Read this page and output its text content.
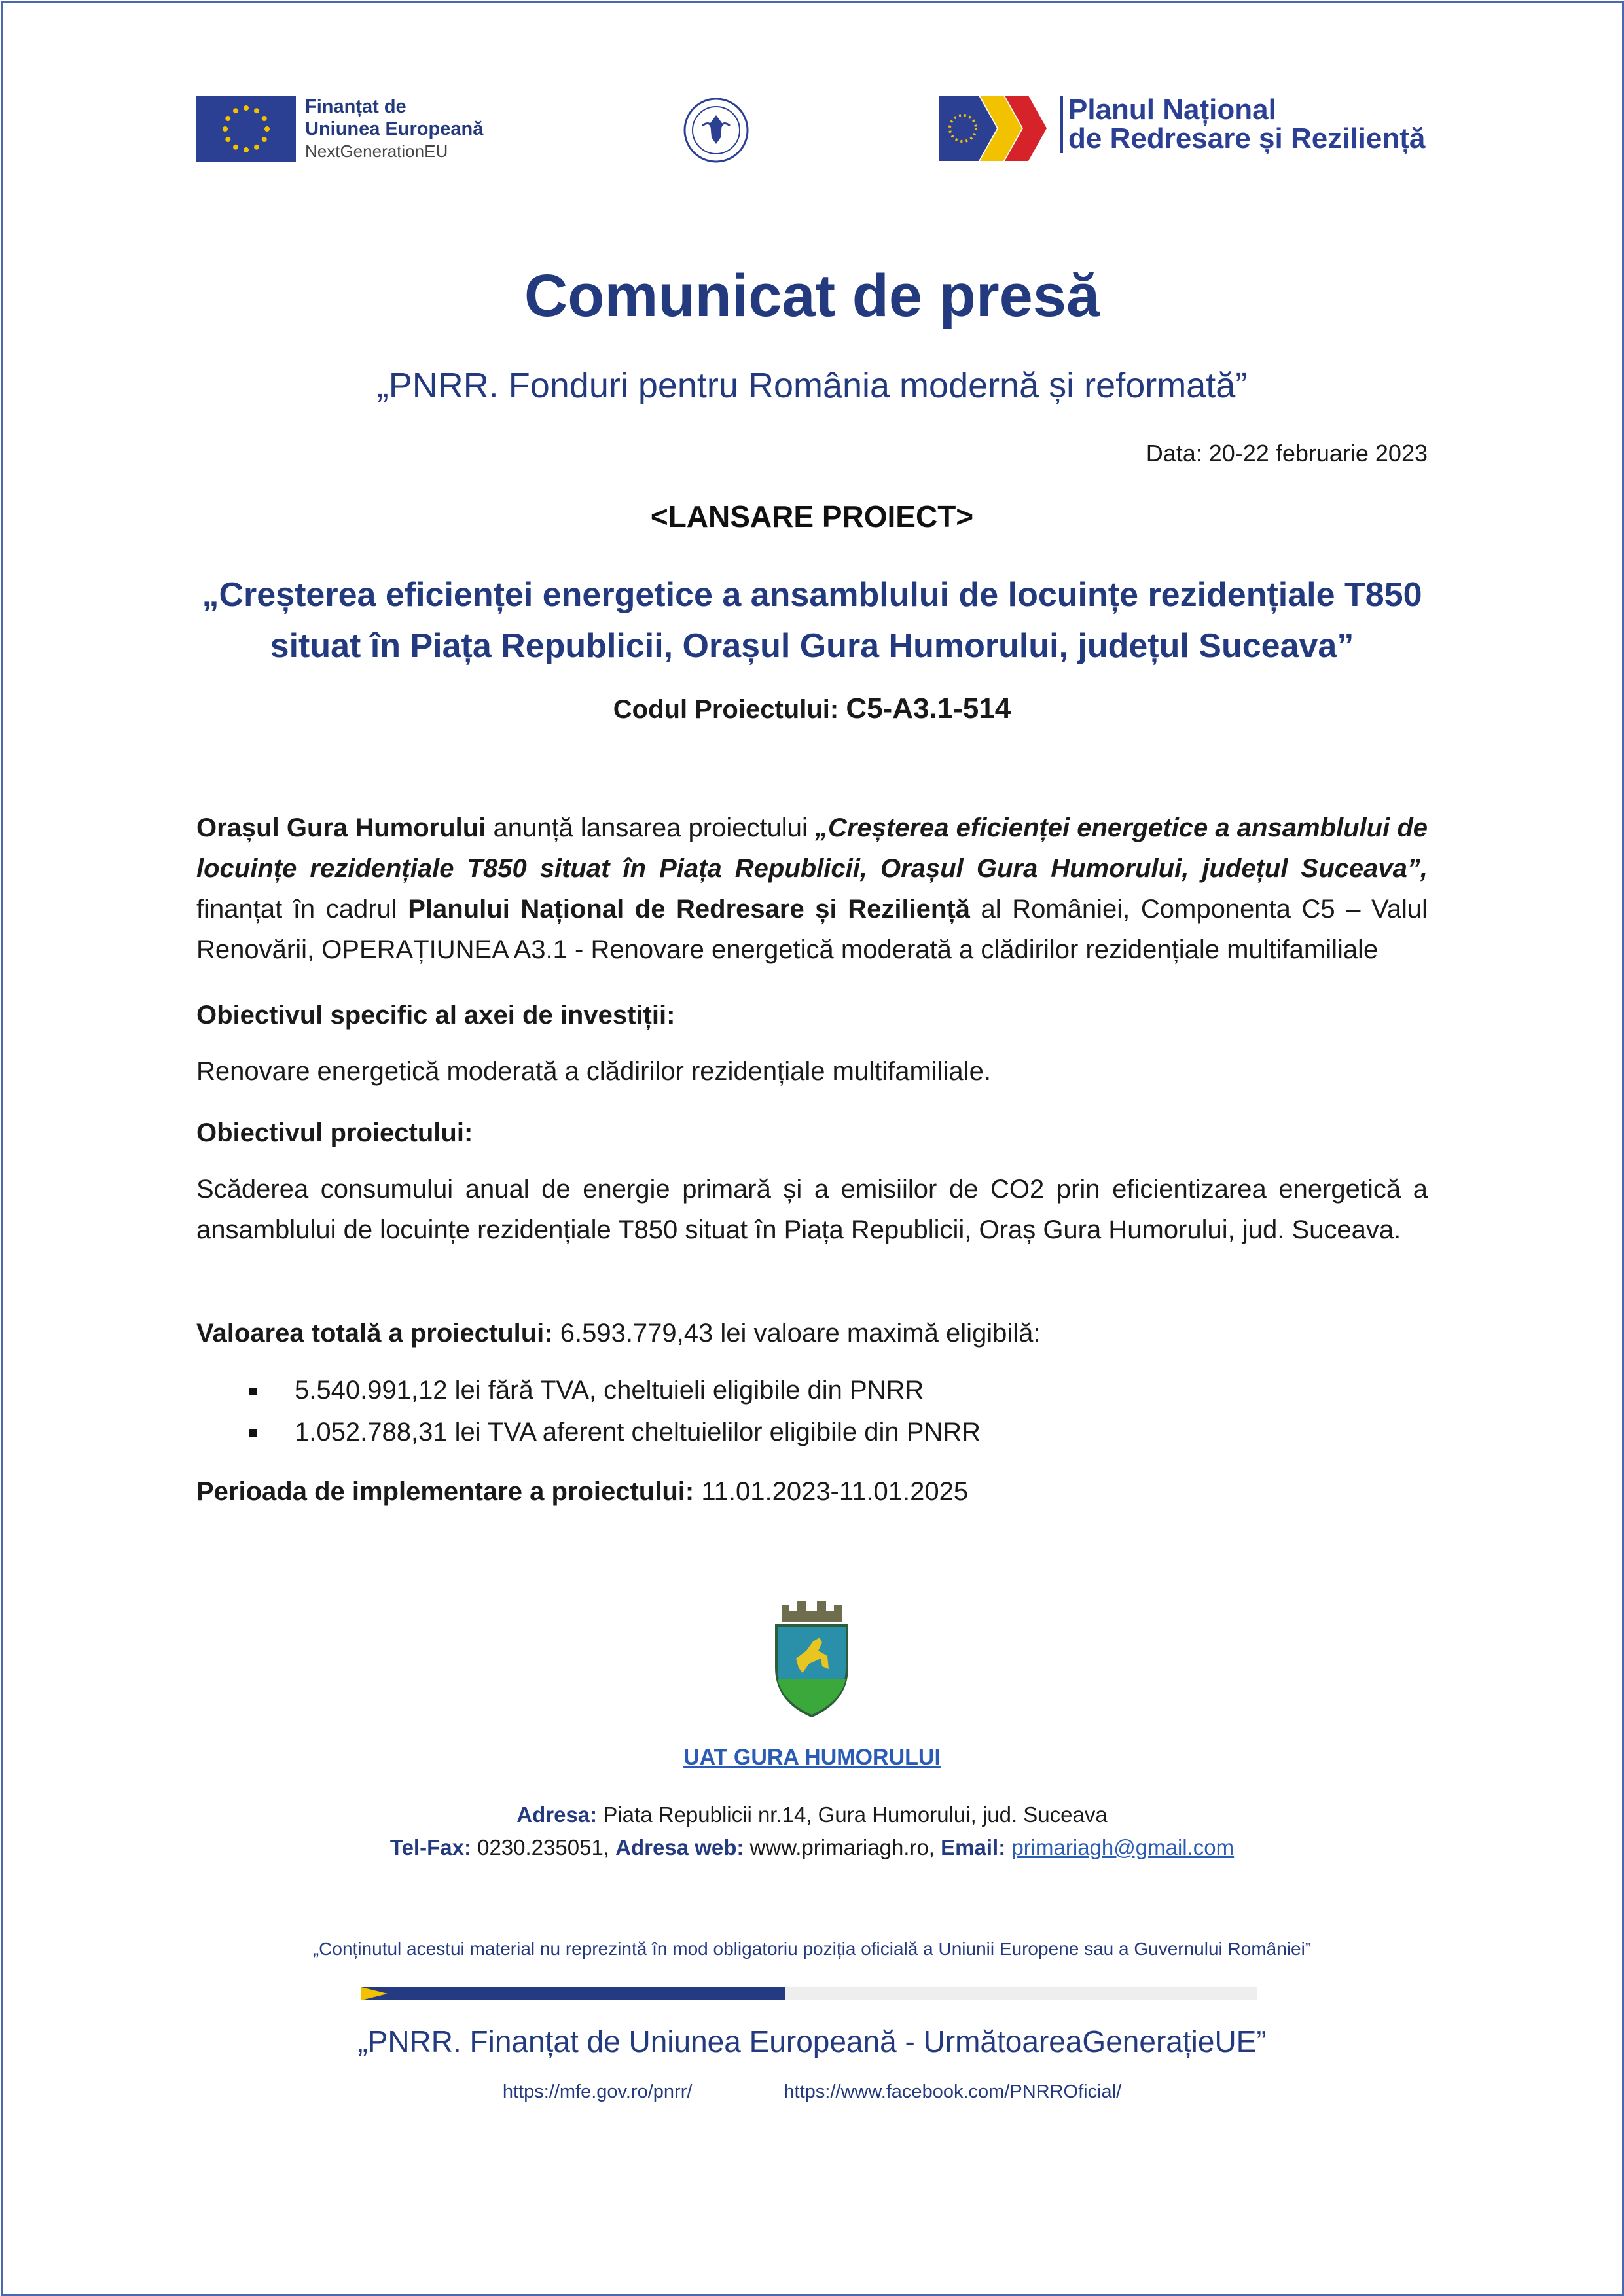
Finanțat de
Uniunea Europeană
NextGenerationEU
Planul Național
de Redresare și Reziliență
Comunicat de presă
„PNRR. Fonduri pentru România modernă și reformată”
Data: 20-22 februarie 2023
<LANSARE PROIECT>
„Creșterea eficienței energetice a ansamblului de locuințe rezidențiale T850
situat în Piața Republicii, Orașul Gura Humorului, județul Suceava”
Codul Proiectului: C5-A3.1-514
Orașul Gura Humorului anunță lansarea proiectului „Creșterea eficienței energetice a ansamblului de locuințe rezidențiale T850 situat în Piața Republicii, Orașul Gura Humorului, județul Suceava”, finanțat în cadrul Planului Național de Redresare și Reziliență al României, Componenta C5 – Valul Renovării, OPERAȚIUNEA A3.1 - Renovare energetică moderată a clădirilor rezidențiale multifamiliale
Obiectivul specific al axei de investiții:
Renovare energetică moderată a clădirilor rezidențiale multifamiliale.
Obiectivul proiectului:
Scăderea consumului anual de energie primară și a emisiilor de CO2 prin eficientizarea energetică a ansamblului de locuințe rezidențiale T850 situat în Piața Republicii, Oraș Gura Humorului, jud. Suceava.
Valoarea totală a proiectului: 6.593.779,43 lei valoare maximă eligibilă:
5.540.991,12 lei fără TVA, cheltuieli eligibile din PNRR
1.052.788,31 lei TVA aferent cheltuielilor eligibile din PNRR
Perioada de implementare a proiectului: 11.01.2023-11.01.2025
UAT GURA HUMORULUI
Adresa: Piata Republicii nr.14, Gura Humorului, jud. Suceava
Tel-Fax: 0230.235051, Adresa web: www.primariagh.ro, Email: primariagh@gmail.com
„Conținutul acestui material nu reprezintă în mod obligatoriu poziția oficială a Uniunii Europene sau a Guvernului României”
„PNRR. Finanțat de Uniunea Europeană - UrmătoareaGenerațieUE”
https://mfe.gov.ro/pnrr/	https://www.facebook.com/PNRROficial/
